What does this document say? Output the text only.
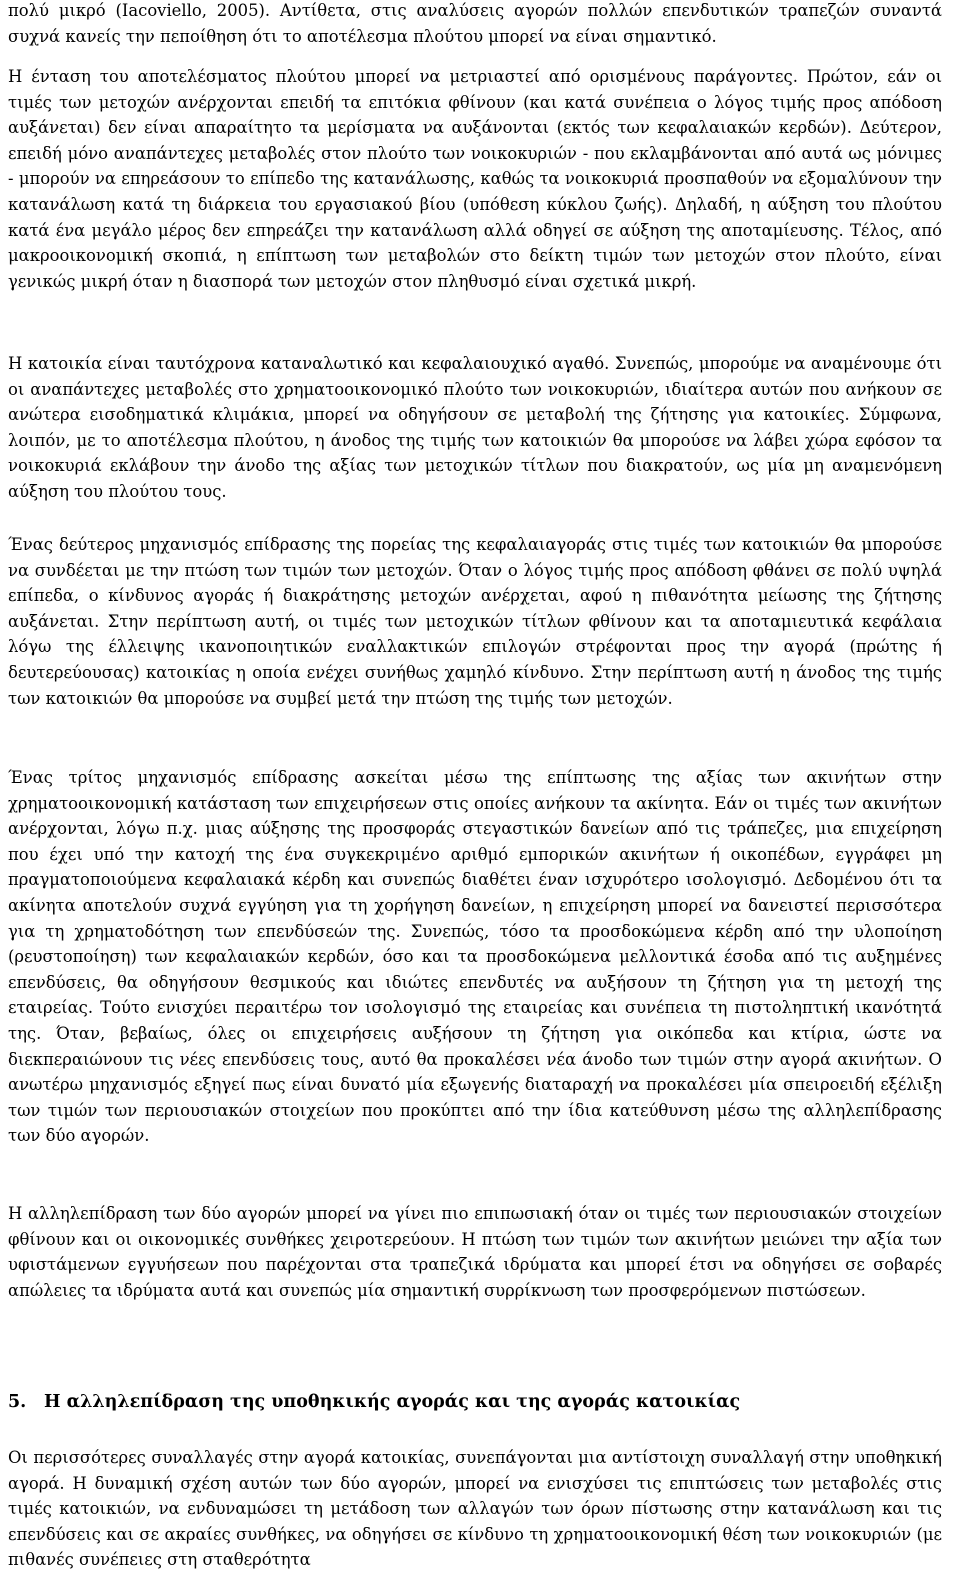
πολύ μικρό (Iacoviello, 2005). Αντίθετα, στις αναλύσεις αγορών πολλών επενδυτικών τραπεζών συναντά συχνά κανείς την πεποίθηση ότι το αποτέλεσμα πλούτου μπορεί να είναι σημαντικό.

Η ένταση του αποτελέσματος πλούτου μπορεί να μετριαστεί από ορισμένους παράγοντες. Πρώτον, εάν οι τιμές των μετοχών ανέρχονται επειδή τα επιτόκια φθίνουν (και κατά συνέπεια ο λόγος τιμής προς απόδοση αυξάνεται) δεν είναι απαραίτητο τα μερίσματα να αυξάνονται (εκτός των κεφαλαιακών κερδών). Δεύτερον, επειδή μόνο αναπάντεχες μεταβολές στον πλούτο των νοικοκυριών - που εκλαμβάνονται από αυτά ως μόνιμες - μπορούν να επηρεάσουν το επίπεδο της κατανάλωσης, καθώς τα νοικοκυριά προσπαθούν να εξομαλύνουν την κατανάλωση κατά τη διάρκεια του εργασιακού βίου (υπόθεση κύκλου ζωής). Δηλαδή, η αύξηση του πλούτου κατά ένα μεγάλο μέρος δεν επηρεάζει την κατανάλωση αλλά οδηγεί σε αύξηση της αποταμίευσης. Τέλος, από μακροοικονομική σκοπιά, η επίπτωση των μεταβολών στο δείκτη τιμών των μετοχών στον πλούτο, είναι γενικώς μικρή όταν η διασπορά των μετοχών στον πληθυσμό είναι σχετικά μικρή.

Η κατοικία είναι ταυτόχρονα καταναλωτικό και κεφαλαιουχικό αγαθό. Συνεπώς, μπορούμε να αναμένουμε ότι οι αναπάντεχες μεταβολές στο χρηματοοικονομικό πλούτο των νοικοκυριών, ιδιαίτερα αυτών που ανήκουν σε ανώτερα εισοδηματικά κλιμάκια, μπορεί να οδηγήσουν σε μεταβολή της ζήτησης για κατοικίες. Σύμφωνα, λοιπόν, με το αποτέλεσμα πλούτου, η άνοδος της τιμής των κατοικιών θα μπορούσε να λάβει χώρα εφόσον τα νοικοκυριά εκλάβουν την άνοδο της αξίας των μετοχικών τίτλων που διακρατούν, ως μία μη αναμενόμενη αύξηση του πλούτου τους.

Ένας δεύτερος μηχανισμός επίδρασης της πορείας της κεφαλαιαγοράς στις τιμές των κατοικιών θα μπορούσε να συνδέεται με την πτώση των τιμών των μετοχών. Όταν ο λόγος τιμής προς απόδοση φθάνει σε πολύ υψηλά επίπεδα, ο κίνδυνος αγοράς ή διακράτησης μετοχών ανέρχεται, αφού η πιθανότητα μείωσης της ζήτησης αυξάνεται. Στην περίπτωση αυτή, οι τιμές των μετοχικών τίτλων φθίνουν και τα αποταμιευτικά κεφάλαια λόγω της έλλειψης ικανοποιητικών εναλλακτικών επιλογών στρέφονται προς την αγορά (πρώτης ή δευτερεύουσας) κατοικίας η οποία ενέχει συνήθως χαμηλό κίνδυνο. Στην περίπτωση αυτή η άνοδος της τιμής των κατοικιών θα μπορούσε να συμβεί μετά την πτώση της τιμής των μετοχών.

Ένας τρίτος μηχανισμός επίδρασης ασκείται μέσω της επίπτωσης της αξίας των ακινήτων στην χρηματοοικονομική κατάσταση των επιχειρήσεων στις οποίες ανήκουν τα ακίνητα. Εάν οι τιμές των ακινήτων ανέρχονται, λόγω π.χ. μιας αύξησης της προσφοράς στεγαστικών δανείων από τις τράπεζες, μια επιχείρηση που έχει υπό την κατοχή της ένα συγκεκριμένο αριθμό εμπορικών ακινήτων ή οικοπέδων, εγγράφει μη πραγματοποιούμενα κεφαλαιακά κέρδη και συνεπώς διαθέτει έναν ισχυρότερο ισολογισμό. Δεδομένου ότι τα ακίνητα αποτελούν συχνά εγγύηση για τη χορήγηση δανείων, η επιχείρηση μπορεί να δανειστεί περισσότερα για τη χρηματοδότηση των επενδύσεών της. Συνεπώς, τόσο τα προσδοκώμενα κέρδη από την υλοποίηση (ρευστοποίηση) των κεφαλαιακών κερδών, όσο και τα προσδοκώμενα μελλοντικά έσοδα από τις αυξημένες επενδύσεις, θα οδηγήσουν θεσμικούς και ιδιώτες επενδυτές να αυξήσουν τη ζήτηση για τη μετοχή της εταιρείας. Τούτο ενισχύει περαιτέρω τον ισολογισμό της εταιρείας και συνέπεια τη πιστοληπτική ικανότητά της. Όταν, βεβαίως, όλες οι επιχειρήσεις αυξήσουν τη ζήτηση για οικόπεδα και κτίρια, ώστε να διεκπεραιώνουν τις νέες επενδύσεις τους, αυτό θα προκαλέσει νέα άνοδο των τιμών στην αγορά ακινήτων. Ο ανωτέρω μηχανισμός εξηγεί πως είναι δυνατό μία εξωγενής διαταραχή να προκαλέσει μία σπειροειδή εξέλιξη των τιμών των περιουσιακών στοιχείων που προκύπτει από την ίδια κατεύθυνση μέσω της αλληλεπίδρασης των δύο αγορών.

Η αλληλεπίδραση των δύο αγορών μπορεί να γίνει πιο επιπωσιακή όταν οι τιμές των περιουσιακών στοιχείων φθίνουν και οι οικονομικές συνθήκες χειροτερεύουν. Η πτώση των τιμών των ακινήτων μειώνει την αξία των υφιστάμενων εγγυήσεων που παρέχονται στα τραπεζικά ιδρύματα και μπορεί έτσι να οδηγήσει σε σοβαρές απώλειες τα ιδρύματα αυτά και συνεπώς μία σημαντική συρρίκνωση των προσφερόμενων πιστώσεων.

5. Η αλληλεπίδραση της υποθηκικής αγοράς και της αγοράς κατοικίας

Οι περισσότερες συναλλαγές στην αγορά κατοικίας, συνεπάγονται μια αντίστοιχη συναλλαγή στην υποθηκική αγορά. Η δυναμική σχέση αυτών των δύο αγορών, μπορεί να ενισχύσει τις επιπτώσεις των μεταβολές στις τιμές κατοικιών, να ενδυναμώσει τη μετάδοση των αλλαγών των όρων πίστωσης στην κατανάλωση και τις επενδύσεις και σε ακραίες συνθήκες, να οδηγήσει σε κίνδυνο τη χρηματοοικονομική θέση των νοικοκυριών (με πιθανές συνέπειες στη σταθερότητα
